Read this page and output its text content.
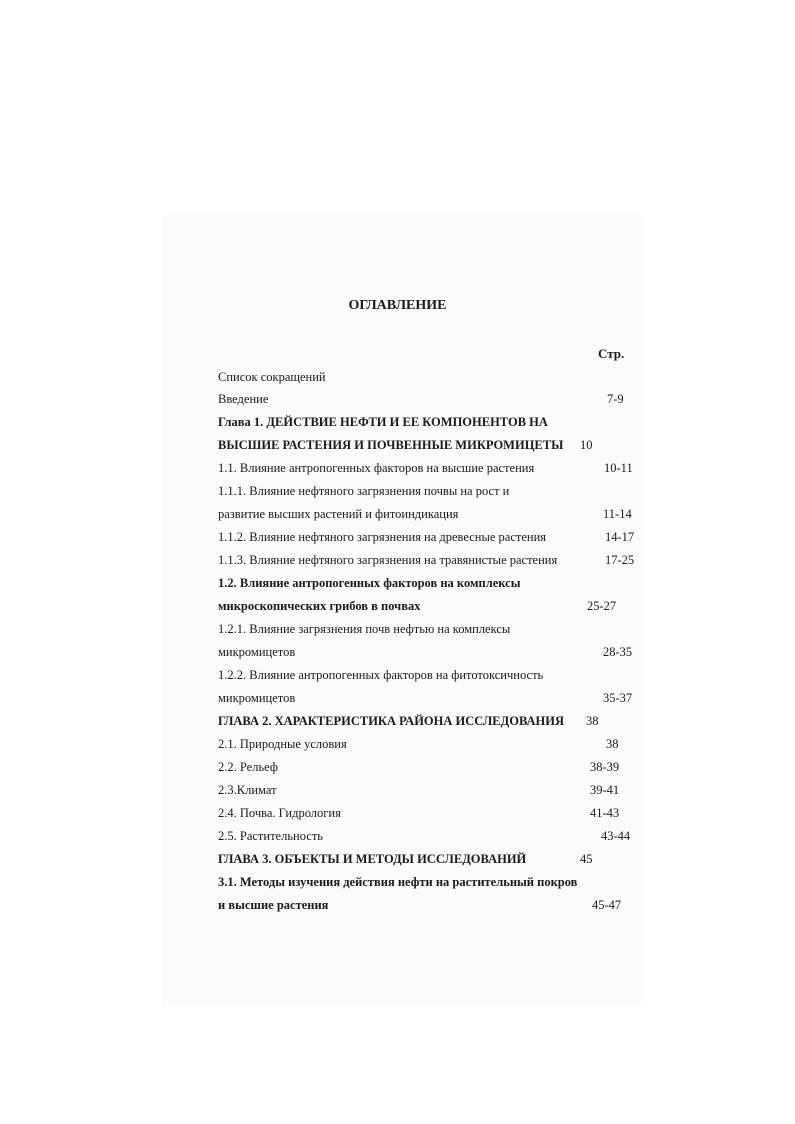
ОГЛАВЛЕНИЕ
Стр.
Список сокращений
Введение	7-9
Глава 1. ДЕЙСТВИЕ НЕФТИ И ЕЕ КОМПОНЕНТОВ НА
ВЫСШИЕ РАСТЕНИЯ И ПОЧВЕННЫЕ МИКРОМИЦЕТЫ 10
1.1. Влияние антропогенных факторов на высшие растения	10-11
1.1.1. Влияние нефтяного загрязнения почвы на рост и
развитие высших растений и фитоиндикация	11-14
1.1.2. Влияние нефтяного загрязнения на древесные растения	14-17
1.1.3. Влияние нефтяного загрязнения на травянистые растения	17-25
1.2. Влияние антропогенных факторов на комплексы
микроскопических грибов в почвах	25-27
1.2.1. Влияние загрязнения почв нефтью на комплексы
микромицетов	28-35
1.2.2. Влияние антропогенных факторов на фитотоксичность
микромицетов	35-37
ГЛАВА 2. ХАРАКТЕРИСТИКА РАЙОНА ИССЛЕДОВАНИЯ 38
2.1. Природные условия	38
2.2. Рельеф	38-39
2.3.Климат	39-41
2.4. Почва. Гидрология	41-43
2.5. Растительность	43-44
ГЛАВА 3. ОБЪЕКТЫ И МЕТОДЫ ИССЛЕДОВАНИЙ	45
3.1. Методы изучения действия нефти на растительный покров
и высшие растения	45-47
